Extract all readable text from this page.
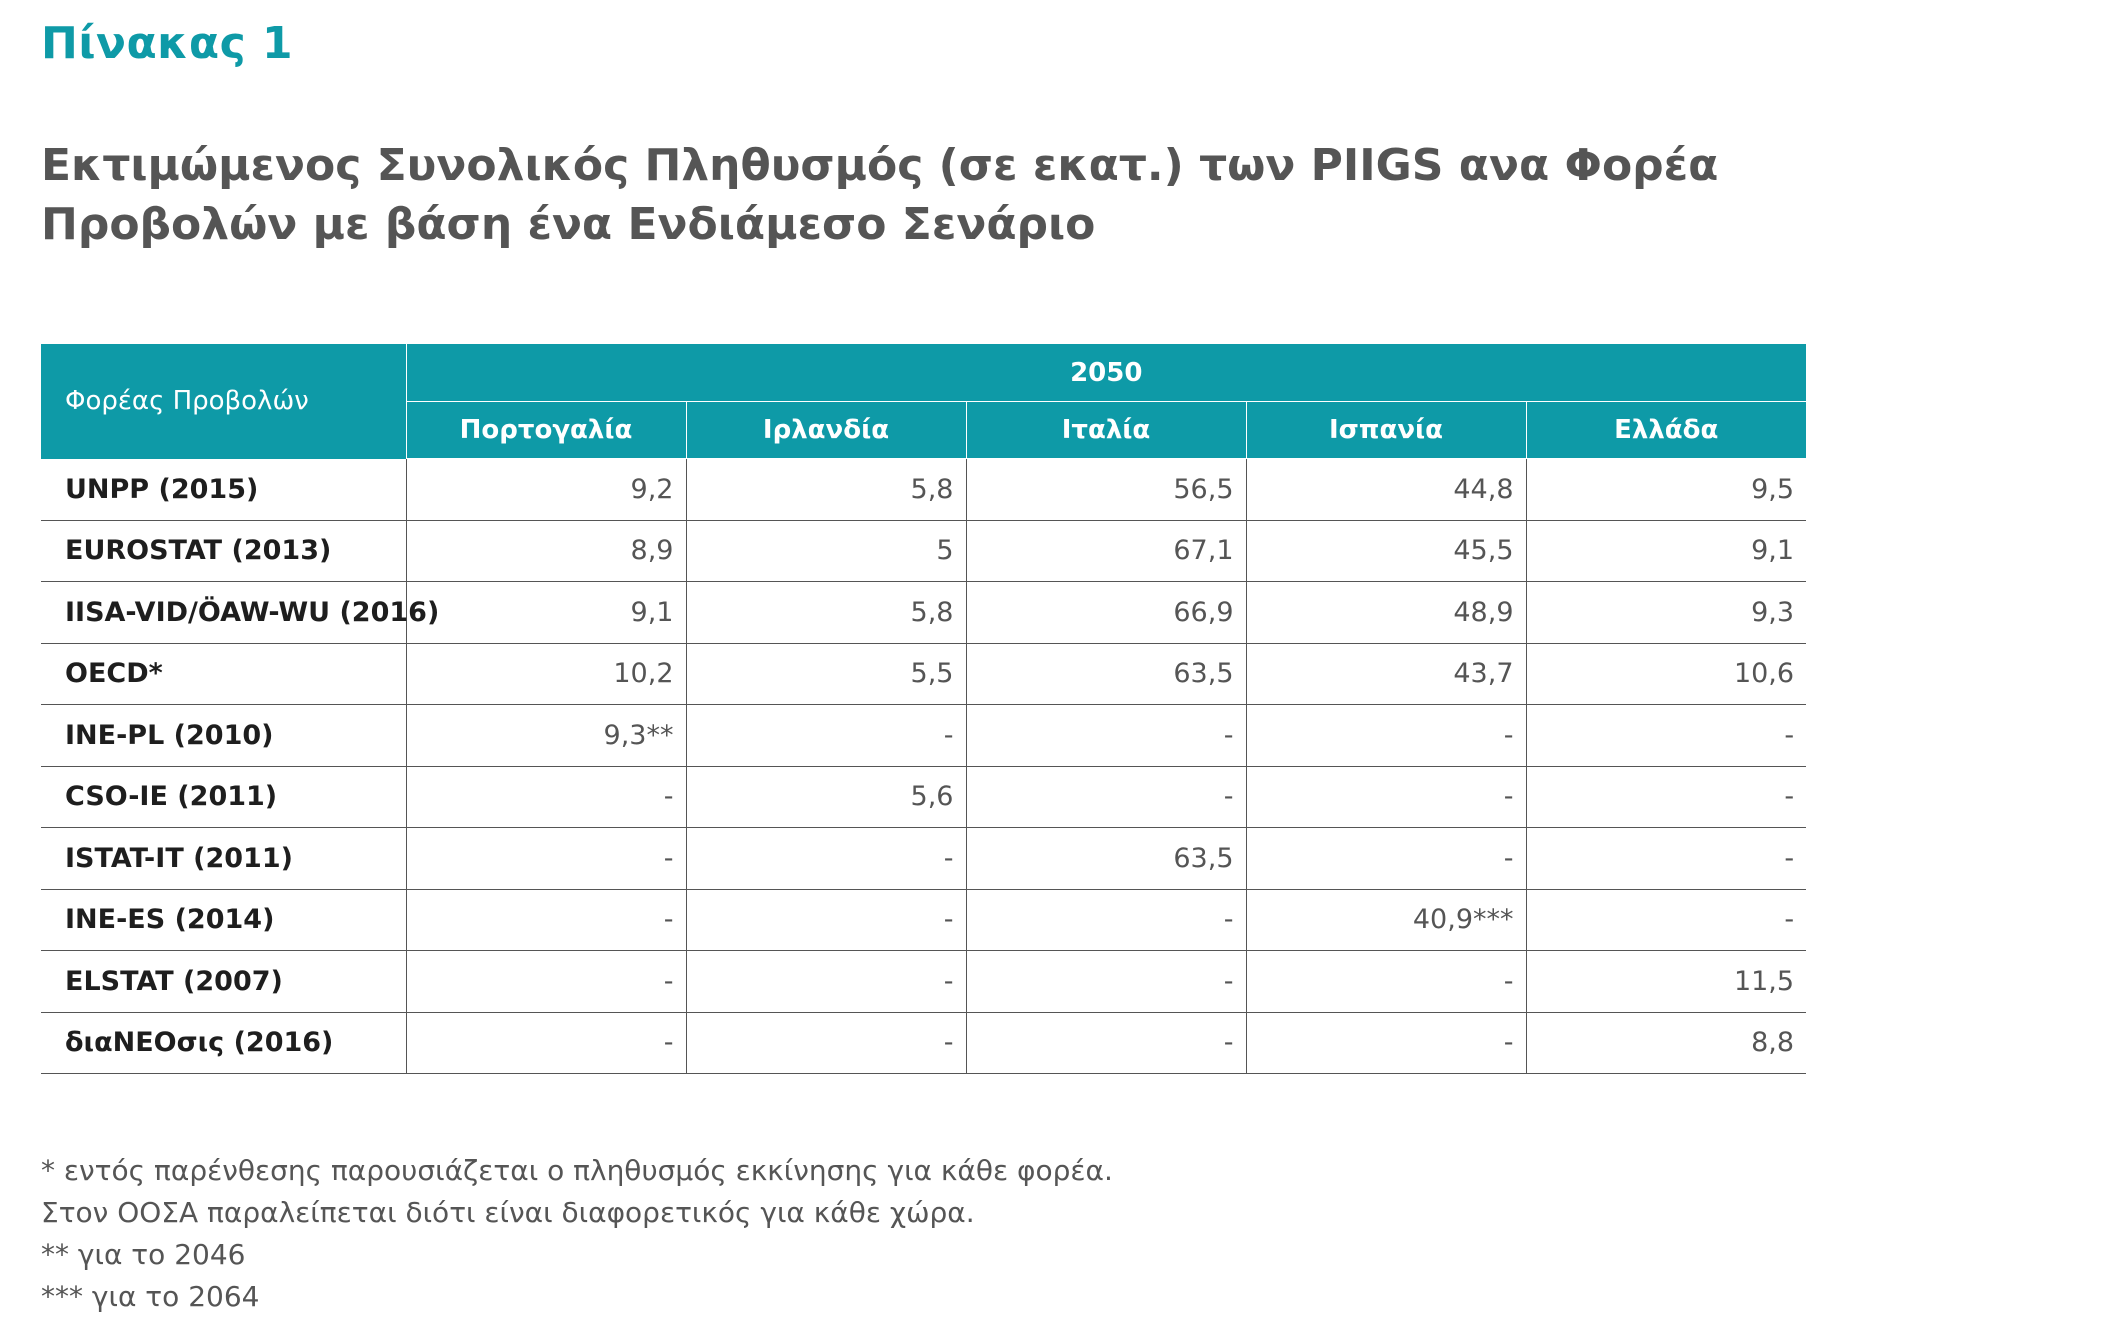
Πίνακας 1
Εκτιμώμενος Συνολικός Πληθυσμός (σε εκατ.) των PIIGS ανα Φορέα
Προβολών με βάση ένα Ενδιάμεσο Σενάριο
Φορέας Προβολών	2050				
	Πορτογαλία	Ιρλανδία	Ιταλία	Ισπανία	Ελλάδα
UNPP (2015)	9,2	5,8	56,5	44,8	9,5
EUROSTAT (2013)	8,9	5	67,1	45,5	9,1
IISA-VID/ÖAW-WU (2016)	9,1	5,8	66,9	48,9	9,3
OECD*	10,2	5,5	63,5	43,7	10,6
INE-PL (2010)	9,3**	-	-	-	-
CSO-IE (2011)	-	5,6	-	-	-
ISTAT-IT (2011)	-	-	63,5	-	-
INE-ES (2014)	-	-	-	40,9***	-
ELSTAT (2007)	-	-	-	-	11,5
διαΝΕΟσις (2016)	-	-	-	-	8,8
* εντός παρένθεσης παρουσιάζεται ο πληθυσμός εκκίνησης για κάθε φορέα.
Στον ΟΟΣΑ παραλείπεται διότι είναι διαφορετικός για κάθε χώρα.
** για το 2046
*** για το 2064
